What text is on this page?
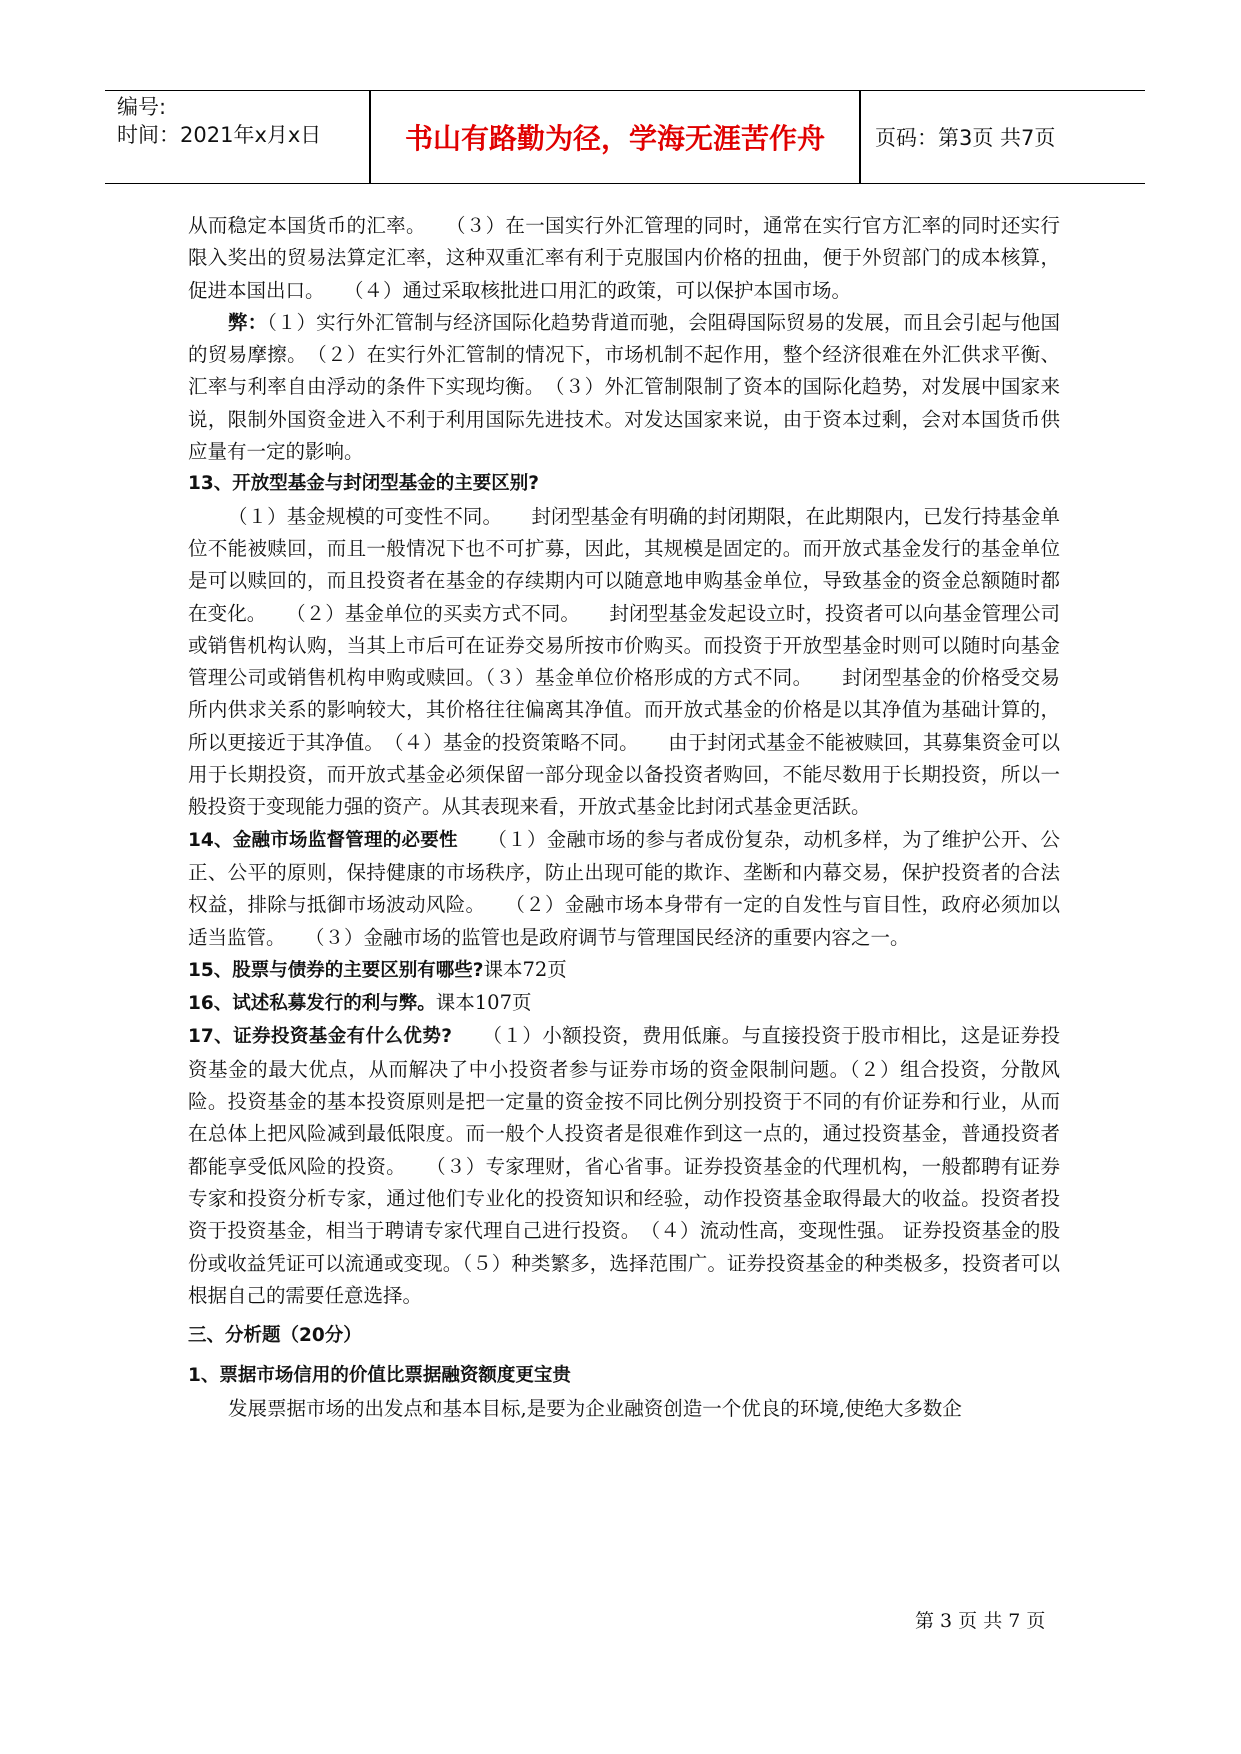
编号:
时间：2021年x月x日	书山有路勤为径，学海无涯苦作舟	页码：第3页 共7页

从而稳定本国货币的汇率。　　（３）在一国实行外汇管理的同时，通常在实行官方汇率的同时还实行限入奖出的贸易法算定汇率，这种双重汇率有利于克服国内价格的扭曲，便于外贸部门的成本核算，促进本国出口。　　（４）通过采取核批进口用汇的政策，可以保护本国市场。

弊：（１）实行外汇管制与经济国际化趋势背道而驰，会阻碍国际贸易的发展，而且会引起与他国的贸易摩擦。　（２）在实行外汇管制的情况下，市场机制不起作用，整个经济很难在外汇供求平衡、汇率与利率自由浮动的条件下实现均衡。　（３）外汇管制限制了资本的国际化趋势，对发展中国家来说，限制外国资金进入不利于利用国际先进技术。对发达国家来说，由于资本过剩，会对本国货币供应量有一定的影响。

13、开放型基金与封闭型基金的主要区别?

（１）基金规模的可变性不同。　　封闭型基金有明确的封闭期限，在此期限内，已发行持基金单位不能被赎回，而且一般情况下也不可扩募，因此，其规模是固定的。而开放式基金发行的基金单位是可以赎回的，而且投资者在基金的存续期内可以随意地申购基金单位，导致基金的资金总额随时都在变化。　　（２）基金单位的买卖方式不同。　　封闭型基金发起设立时，投资者可以向基金管理公司或销售机构认购，当其上市后可在证券交易所按市价购买。而投资于开放型基金时则可以随时向基金管理公司或销售机构申购或赎回。（３）基金单位价格形成的方式不同。　　封闭型基金的价格受交易所内供求关系的影响较大，其价格往往偏离其净值。而开放式基金的价格是以其净值为基础计算的，所以更接近于其净值。　（４）基金的投资策略不同。　　由于封闭式基金不能被赎回，其募集资金可以用于长期投资，而开放式基金必须保留一部分现金以备投资者购回，不能尽数用于长期投资，所以一般投资于变现能力强的资产。从其表现来看，开放式基金比封闭式基金更活跃。

14、金融市场监督管理的必要性　　（１）金融市场的参与者成份复杂，动机多样，为了维护公开、公正、公平的原则，保持健康的市场秩序，防止出现可能的欺诈、垄断和内幕交易，保护投资者的合法权益，排除与抵御市场波动风险。　　（２）金融市场本身带有一定的自发性与盲目性，政府必须加以适当监管。　　（３）金融市场的监管也是政府调节与管理国民经济的重要内容之一。

15、股票与债券的主要区别有哪些?课本72页

16、试述私募发行的利与弊。课本107页

17、证券投资基金有什么优势?　　（１）小额投资，费用低廉。与直接投资于股市相比，这是证券投资基金的最大优点，从而解决了中小投资者参与证券市场的资金限制问题。（２）组合投资，分散风险。投资基金的基本投资原则是把一定量的资金按不同比例分别投资于不同的有价证券和行业，从而在总体上把风险减到最低限度。而一般个人投资者是很难作到这一点的，通过投资基金，普通投资者都能享受低风险的投资。　　（３）专家理财，省心省事。证券投资基金的代理机构，一般都聘有证券专家和投资分析专家，通过他们专业化的投资知识和经验，动作投资基金取得最大的收益。投资者投资于投资基金，相当于聘请专家代理自己进行投资。　（４）流动性高，变现性强。 证券投资基金的股份或收益凭证可以流通或变现。（５）种类繁多，选择范围广。证券投资基金的种类极多，投资者可以根据自己的需要任意选择。

三、分析题（20分）

1、票据市场信用的价值比票据融资额度更宝贵

发展票据市场的出发点和基本目标,是要为企业融资创造一个优良的环境,使绝大多数企

第 3 页 共 7 页
